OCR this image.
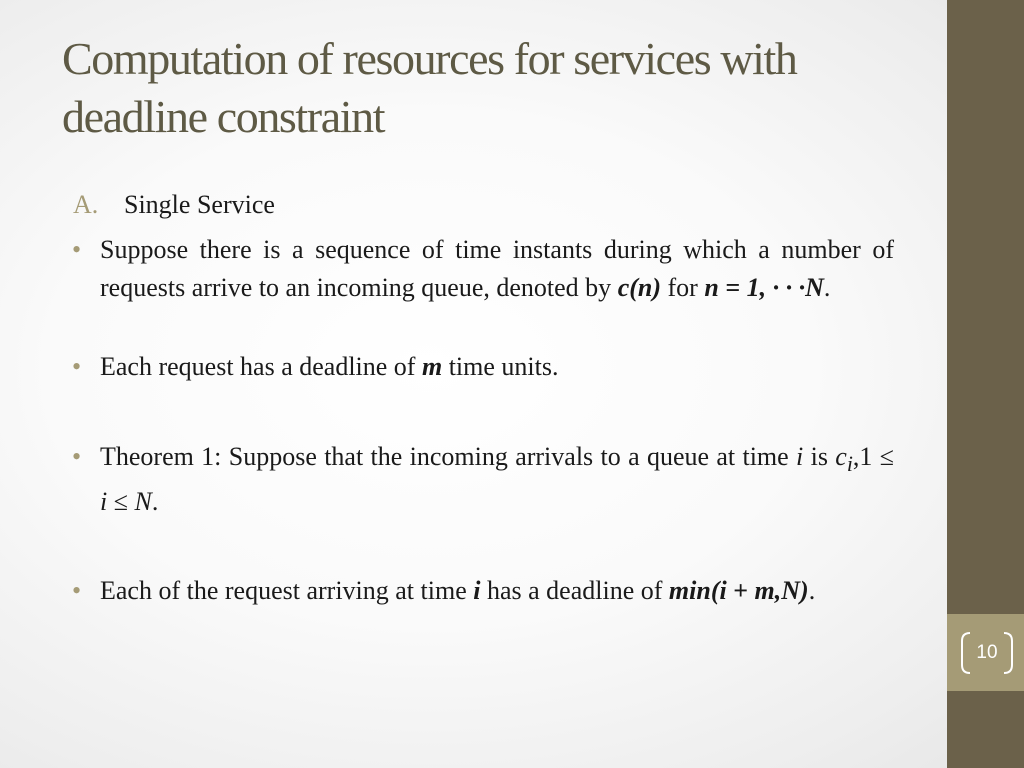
10
Computation of resources for services with deadline constraint

A. Single Service

• Suppose there is a sequence of time instants during which a number of requests arrive to an incoming queue, denoted by c(n) for n = 1, · · ·N.

• Each request has a deadline of m time units.

• Theorem 1: Suppose that the incoming arrivals to a queue at time i is $c_i,1 \le i \le N$.

• Each of the request arriving at time i has a deadline of min(i + m,N).
